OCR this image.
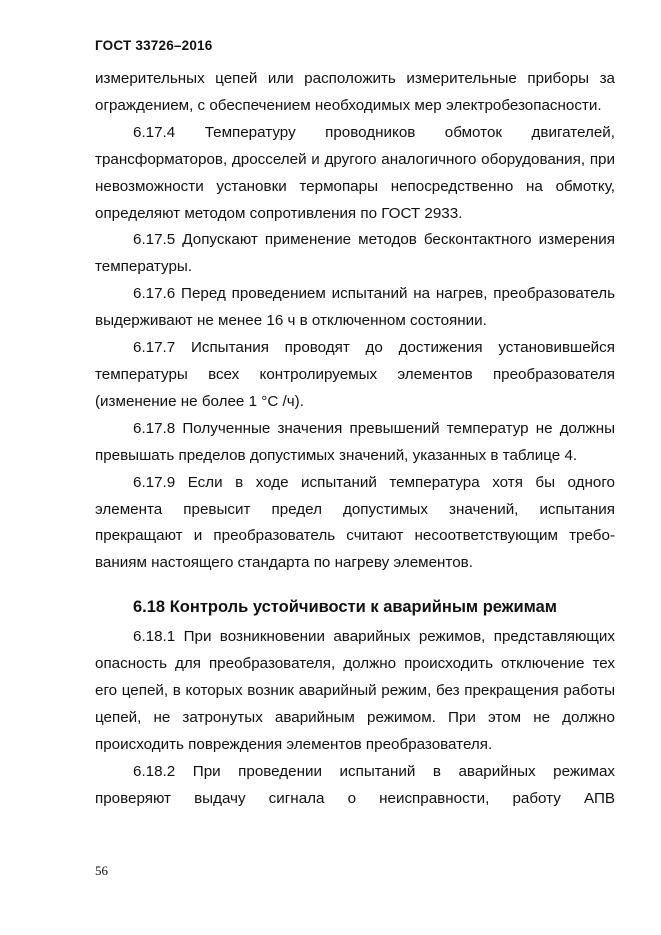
ГОСТ 33726–2016

измерительных цепей или расположить измерительные приборы за ограждением, с обеспечением необходимых мер электробезопасности.

6.17.4 Температуру проводников обмоток двигателей, трансформаторов, дросселей и другого аналогичного оборудования, при невозможности установки термопары непосредственно на обмотку, определяют методом сопротивления по ГОСТ 2933.

6.17.5 Допускают применение методов бесконтактного измерения температуры.

6.17.6 Перед проведением испытаний на нагрев, преобразователь выдерживают не менее 16 ч в отключенном состоянии.

6.17.7 Испытания проводят до достижения установившейся температуры всех контролируемых элементов преобразователя (изменение не более 1 °С /ч).

6.17.8 Полученные значения превышений температур не должны превышать пределов допустимых значений, указанных в таблице 4.

6.17.9 Если в ходе испытаний температура хотя бы одного элемента превысит предел допустимых значений, испытания прекращают и преобразователь считают несоответствующим требованиям настоящего стандарта по нагреву элементов.

6.18 Контроль устойчивости к аварийным режимам

6.18.1 При возникновении аварийных режимов, представляющих опасность для преобразователя, должно происходить отключение тех его цепей, в которых возник аварийный режим, без прекращения работы цепей, не затронутых аварийным режимом. При этом не должно происходить повреждения элементов преобразователя.

6.18.2 При проведении испытаний в аварийных режимах проверяют выдачу сигнала о неисправности, работу АПВ

56
